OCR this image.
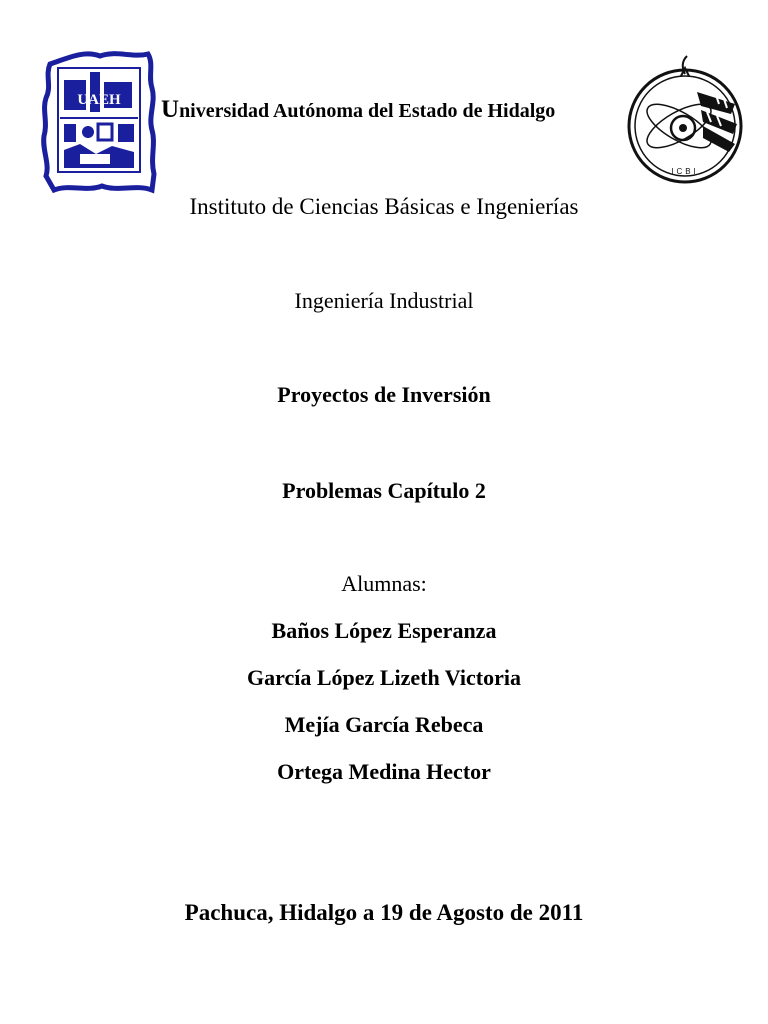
UAEH Universidad Autónoma del Estado de Hidalgo
ICBI
Instituto de Ciencias Básicas e Ingenierías
Ingeniería Industrial
Proyectos de Inversión
Problemas Capítulo 2
Alumnas:
Baños López Esperanza
García López Lizeth Victoria
Mejía García Rebeca
Ortega Medina Hector
Pachuca, Hidalgo a 19 de Agosto de 2011
